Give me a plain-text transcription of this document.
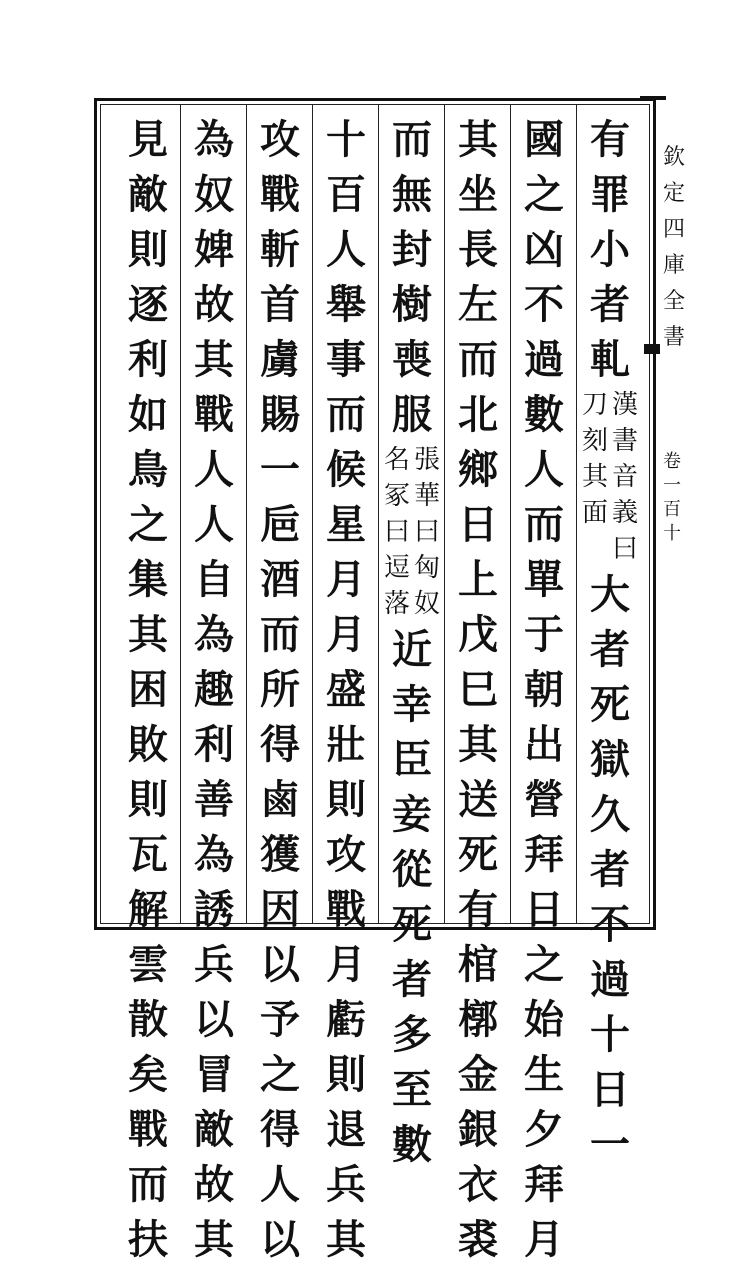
欽
定
四
庫
全
書
卷
一
百
十
有
罪
小
者
軋
漢
書
音
義
曰
刀
刻
其
面
大
者
死
獄
久
者
不
過
十
日
一
國
之
凶
不
過
數
人
而
單
于
朝
出
營
拜
日
之
始
生
夕
拜
月
其
坐
長
左
而
北
鄉
日
上
戊
巳
其
送
死
有
棺
槨
金
銀
衣
裘
而
無
封
樹
喪
服
張
華
曰
匈
奴
名
冢
曰
逗
落
近
幸
臣
妾
從
死
者
多
至
數
十
百
人
舉
事
而
候
星
月
月
盛
壯
則
攻
戰
月
虧
則
退
兵
其
攻
戰
斬
首
虜
賜
一
巵
酒
而
所
得
鹵
獲
因
以
予
之
得
人
以
為
奴
婢
故
其
戰
人
人
自
為
趣
利
善
為
誘
兵
以
冒
敵
故
其
見
敵
則
逐
利
如
鳥
之
集
其
困
敗
則
瓦
解
雲
散
矣
戰
而
扶
